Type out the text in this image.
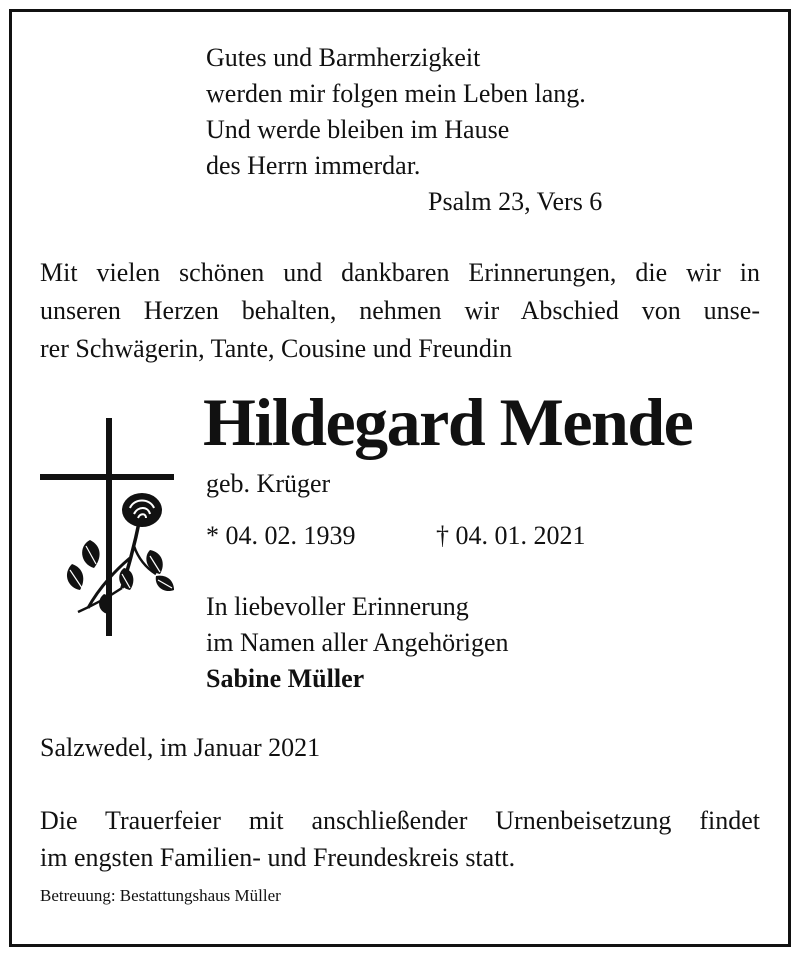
Gutes und Barmherzigkeit
werden mir folgen mein Leben lang.
Und werde bleiben im Hause
des Herrn immerdar.
Psalm 23, Vers 6
Mit vielen schönen und dankbaren Erinnerungen, die wir in
unseren Herzen behalten, nehmen wir Abschied von unse-
rer Schwägerin, Tante, Cousine und Freundin
Hildegard Mende
geb. Krüger
* 04. 02. 1939	† 04. 01. 2021
In liebevoller Erinnerung
im Namen aller Angehörigen
Sabine Müller
Salzwedel, im Januar 2021
Die Trauerfeier mit anschließender Urnenbeisetzung findet
im engsten Familien- und Freundeskreis statt.
Betreuung: Bestattungshaus Müller
